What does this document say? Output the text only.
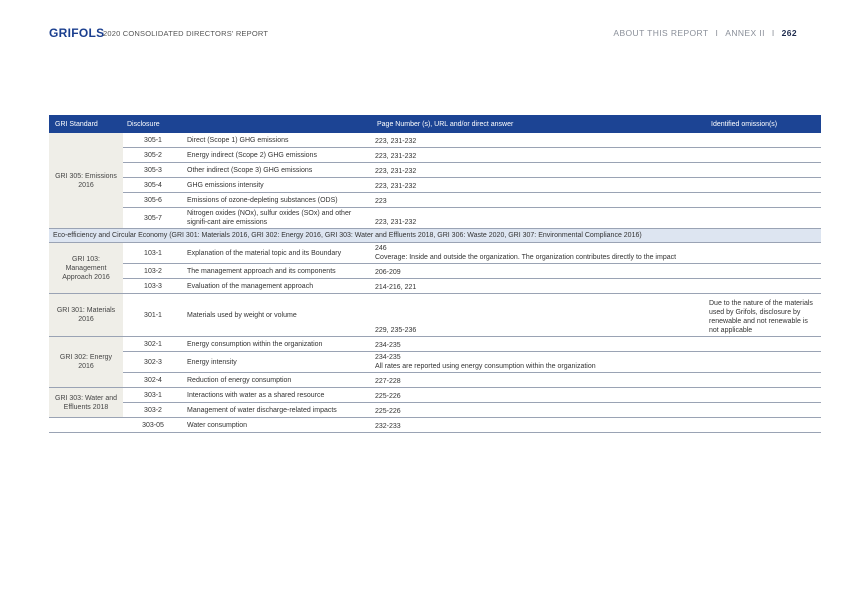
GRIFOLS
2020 CONSOLIDATED DIRECTORS' REPORT	ABOUT THIS REPORT I ANNEX II I 262
GRI Standard	Disclosure		Page Number (s), URL and/or direct answer	Identified omission(s)
GRI 305: Emissions 2016	305-1	Direct (Scope 1) GHG emissions	223, 231-232	
	305-2	Energy indirect (Scope 2) GHG emissions	223, 231-232	
	305-3	Other indirect (Scope 3) GHG emissions	223, 231-232	
	305-4	GHG emissions intensity	223, 231-232	
	305-6	Emissions of ozone-depleting substances (ODS)	223	
	305-7	Nitrogen oxides (NOx), sulfur oxides (SOx) and other signifi-cant aire emissions	223, 231-232	
Eco-efficiency and Circular Economy (GRI 301: Materials 2016, GRI 302: Energy 2016, GRI 303: Water and Effluents 2018, GRI 306: Waste 2020, GRI 307: Environmental Compliance 2016)				
GRI 103: Management Approach 2016	103-1	Explanation of the material topic and its Boundary	246
Coverage: Inside and outside the organization. The organization contributes directly to the impact	

	103-2	The management approach and its components	206-209	
	103-3	Evaluation of the management approach	214-216, 221	
GRI 301: Materials 2016	301-1	Materials used by weight or volume	229, 235-236	Due to the nature of the materials used by Grifols, disclosure by renewable and not renewable is not applicable
GRI 302: Energy 2016	302-1	Energy consumption within the organization	234-235	
	302-3	Energy intensity	234-235
All rates are reported using energy consumption within the organization	

	302-4	Reduction of energy consumption	227-228	
GRI 303: Water and Effluents 2018	303-1	Interactions with water as a shared resource	225-226	
	303-2	Management of water discharge-related impacts	225-226	
	303-05	Water consumption	232-233	
